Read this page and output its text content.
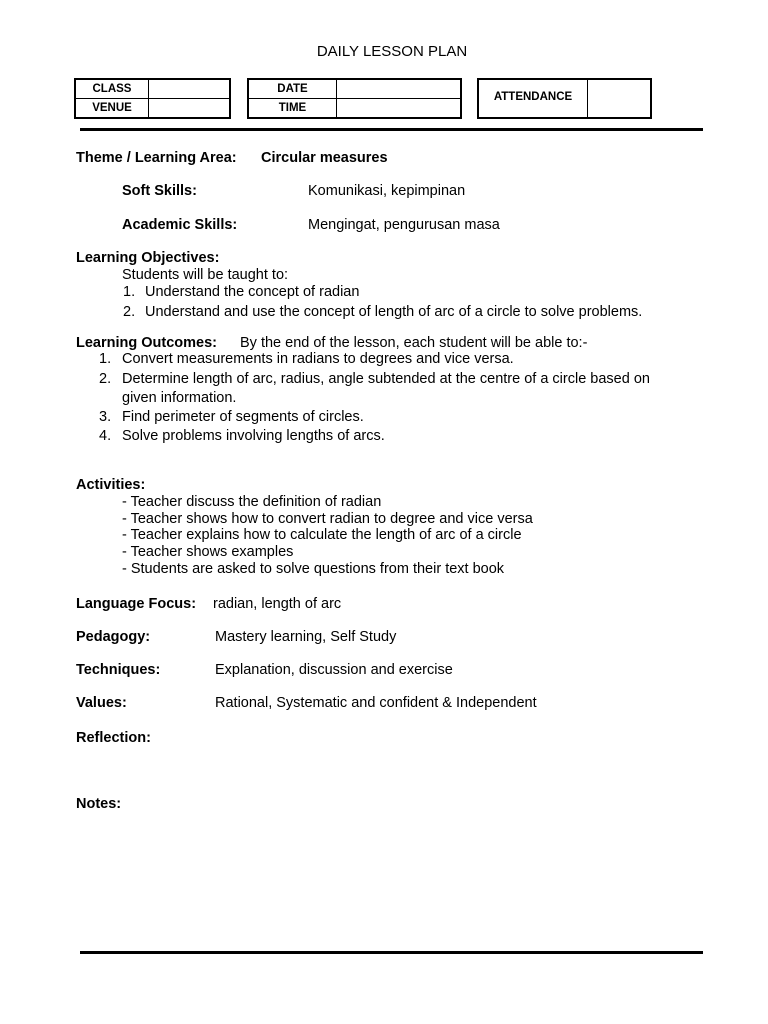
DAILY LESSON PLAN
CLASS
VENUE
DATE
TIME
ATTENDANCE
Theme / Learning Area: Circular measures
Soft Skills:	Komunikasi, kepimpinan
Academic Skills:	Mengingat, pengurusan masa
Learning Objectives:
Students will be taught to:
1. Understand the concept of radian
2. Understand and use the concept of length of arc of a circle to solve problems.
Learning Outcomes: By the end of the lesson, each student will be able to:-
1. Convert measurements in radians to degrees and vice versa.
2. Determine length of arc, radius, angle subtended at the centre of a circle based on
given information.
3. Find perimeter of segments of circles.
4. Solve problems involving lengths of arcs.
Activities:
- Teacher discuss the definition of radian
- Teacher shows how to convert radian to degree and vice versa
- Teacher explains how to calculate the length of arc of a circle
- Teacher shows examples
- Students are asked to solve questions from their text book
Language Focus: radian, length of arc
Pedagogy:	Mastery learning, Self Study
Techniques:	Explanation, discussion and exercise
Values:	Rational, Systematic and confident & Independent
Reflection:
Notes:
